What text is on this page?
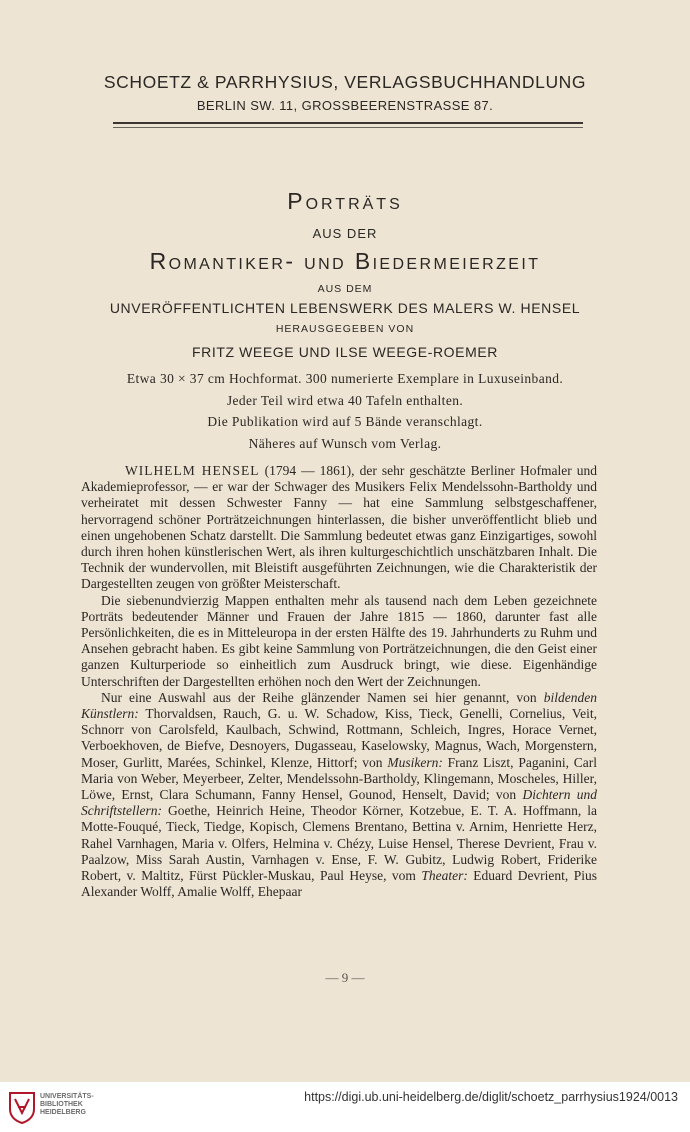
SCHOETZ & PARRHYSIUS, VERLAGSBUCHHANDLUNG
BERLIN SW. 11, GROSSBEERENSTRASSE 87.
Porträts
AUS DER
Romantiker- und Biedermeierzeit
AUS DEM
UNVERÖFFENTLICHTEN LEBENSWERK DES MALERS W. HENSEL
HERAUSGEGEBEN VON
FRITZ WEEGE UND ILSE WEEGE-ROEMER
Etwa 30 × 37 cm Hochformat. 300 numerierte Exemplare in Luxuseinband.
Jeder Teil wird etwa 40 Tafeln enthalten.
Die Publikation wird auf 5 Bände veranschlagt.
Näheres auf Wunsch vom Verlag.

WILHELM HENSEL (1794 — 1861), der sehr geschätzte Berliner Hofmaler und Akademieprofessor, — er war der Schwager des Musikers Felix Mendelssohn-Bartholdy und verheiratet mit dessen Schwester Fanny — hat eine Sammlung selbstgeschaffener, hervorragend schöner Porträtzeichnungen hinterlassen, die bisher unveröffentlicht blieb und einen ungehobenen Schatz darstellt. Die Sammlung bedeutet etwas ganz Einzigartiges, sowohl durch ihren hohen künstlerischen Wert, als ihren kulturgeschichtlich unschätzbaren Inhalt. Die Technik der wundervollen, mit Bleistift ausgeführten Zeichnungen, wie die Charakteristik der Dargestellten zeugen von größter Meisterschaft.

Die siebenundvierzig Mappen enthalten mehr als tausend nach dem Leben gezeichnete Porträts bedeutender Männer und Frauen der Jahre 1815 — 1860, darunter fast alle Persönlichkeiten, die es in Mitteleuropa in der ersten Hälfte des 19. Jahrhunderts zu Ruhm und Ansehen gebracht haben. Es gibt keine Sammlung von Porträtzeichnungen, die den Geist einer ganzen Kulturperiode so einheitlich zum Ausdruck bringt, wie diese. Eigenhändige Unterschriften der Dargestellten erhöhen noch den Wert der Zeichnungen.

Nur eine Auswahl aus der Reihe glänzender Namen sei hier genannt, von bildenden Künstlern: Thorvaldsen, Rauch, G. u. W. Schadow, Kiss, Tieck, Genelli, Cornelius, Veit, Schnorr von Carolsfeld, Kaulbach, Schwind, Rottmann, Schleich, Ingres, Horace Vernet, Verboekhoven, de Biefve, Desnoyers, Dugasseau, Kaselowsky, Magnus, Wach, Morgenstern, Moser, Gurlitt, Marées, Schinkel, Klenze, Hittorf; von Musikern: Franz Liszt, Paganini, Carl Maria von Weber, Meyerbeer, Zelter, Mendelssohn-Bartholdy, Klingemann, Moscheles, Hiller, Löwe, Ernst, Clara Schumann, Fanny Hensel, Gounod, Henselt, David; von Dichtern und Schriftstellern: Goethe, Heinrich Heine, Theodor Körner, Kotzebue, E. T. A. Hoffmann, la Motte-Fouqué, Tieck, Tiedge, Kopisch, Clemens Brentano, Bettina v. Arnim, Henriette Herz, Rahel Varnhagen, Maria v. Olfers, Helmina v. Chézy, Luise Hensel, Therese Devrient, Frau v. Paalzow, Miss Sarah Austin, Varnhagen v. Ense, F. W. Gubitz, Ludwig Robert, Friderike Robert, v. Maltitz, Fürst Pückler-Muskau, Paul Heyse, vom Theater: Eduard Devrient, Pius Alexander Wolff, Amalie Wolff, Ehepaar

— 9 —
UNIVERSITÄTS-
BIBLIOTHEK
HEIDELBERG
https://digi.ub.uni-heidelberg.de/diglit/schoetz_parrhysius1924/0013
